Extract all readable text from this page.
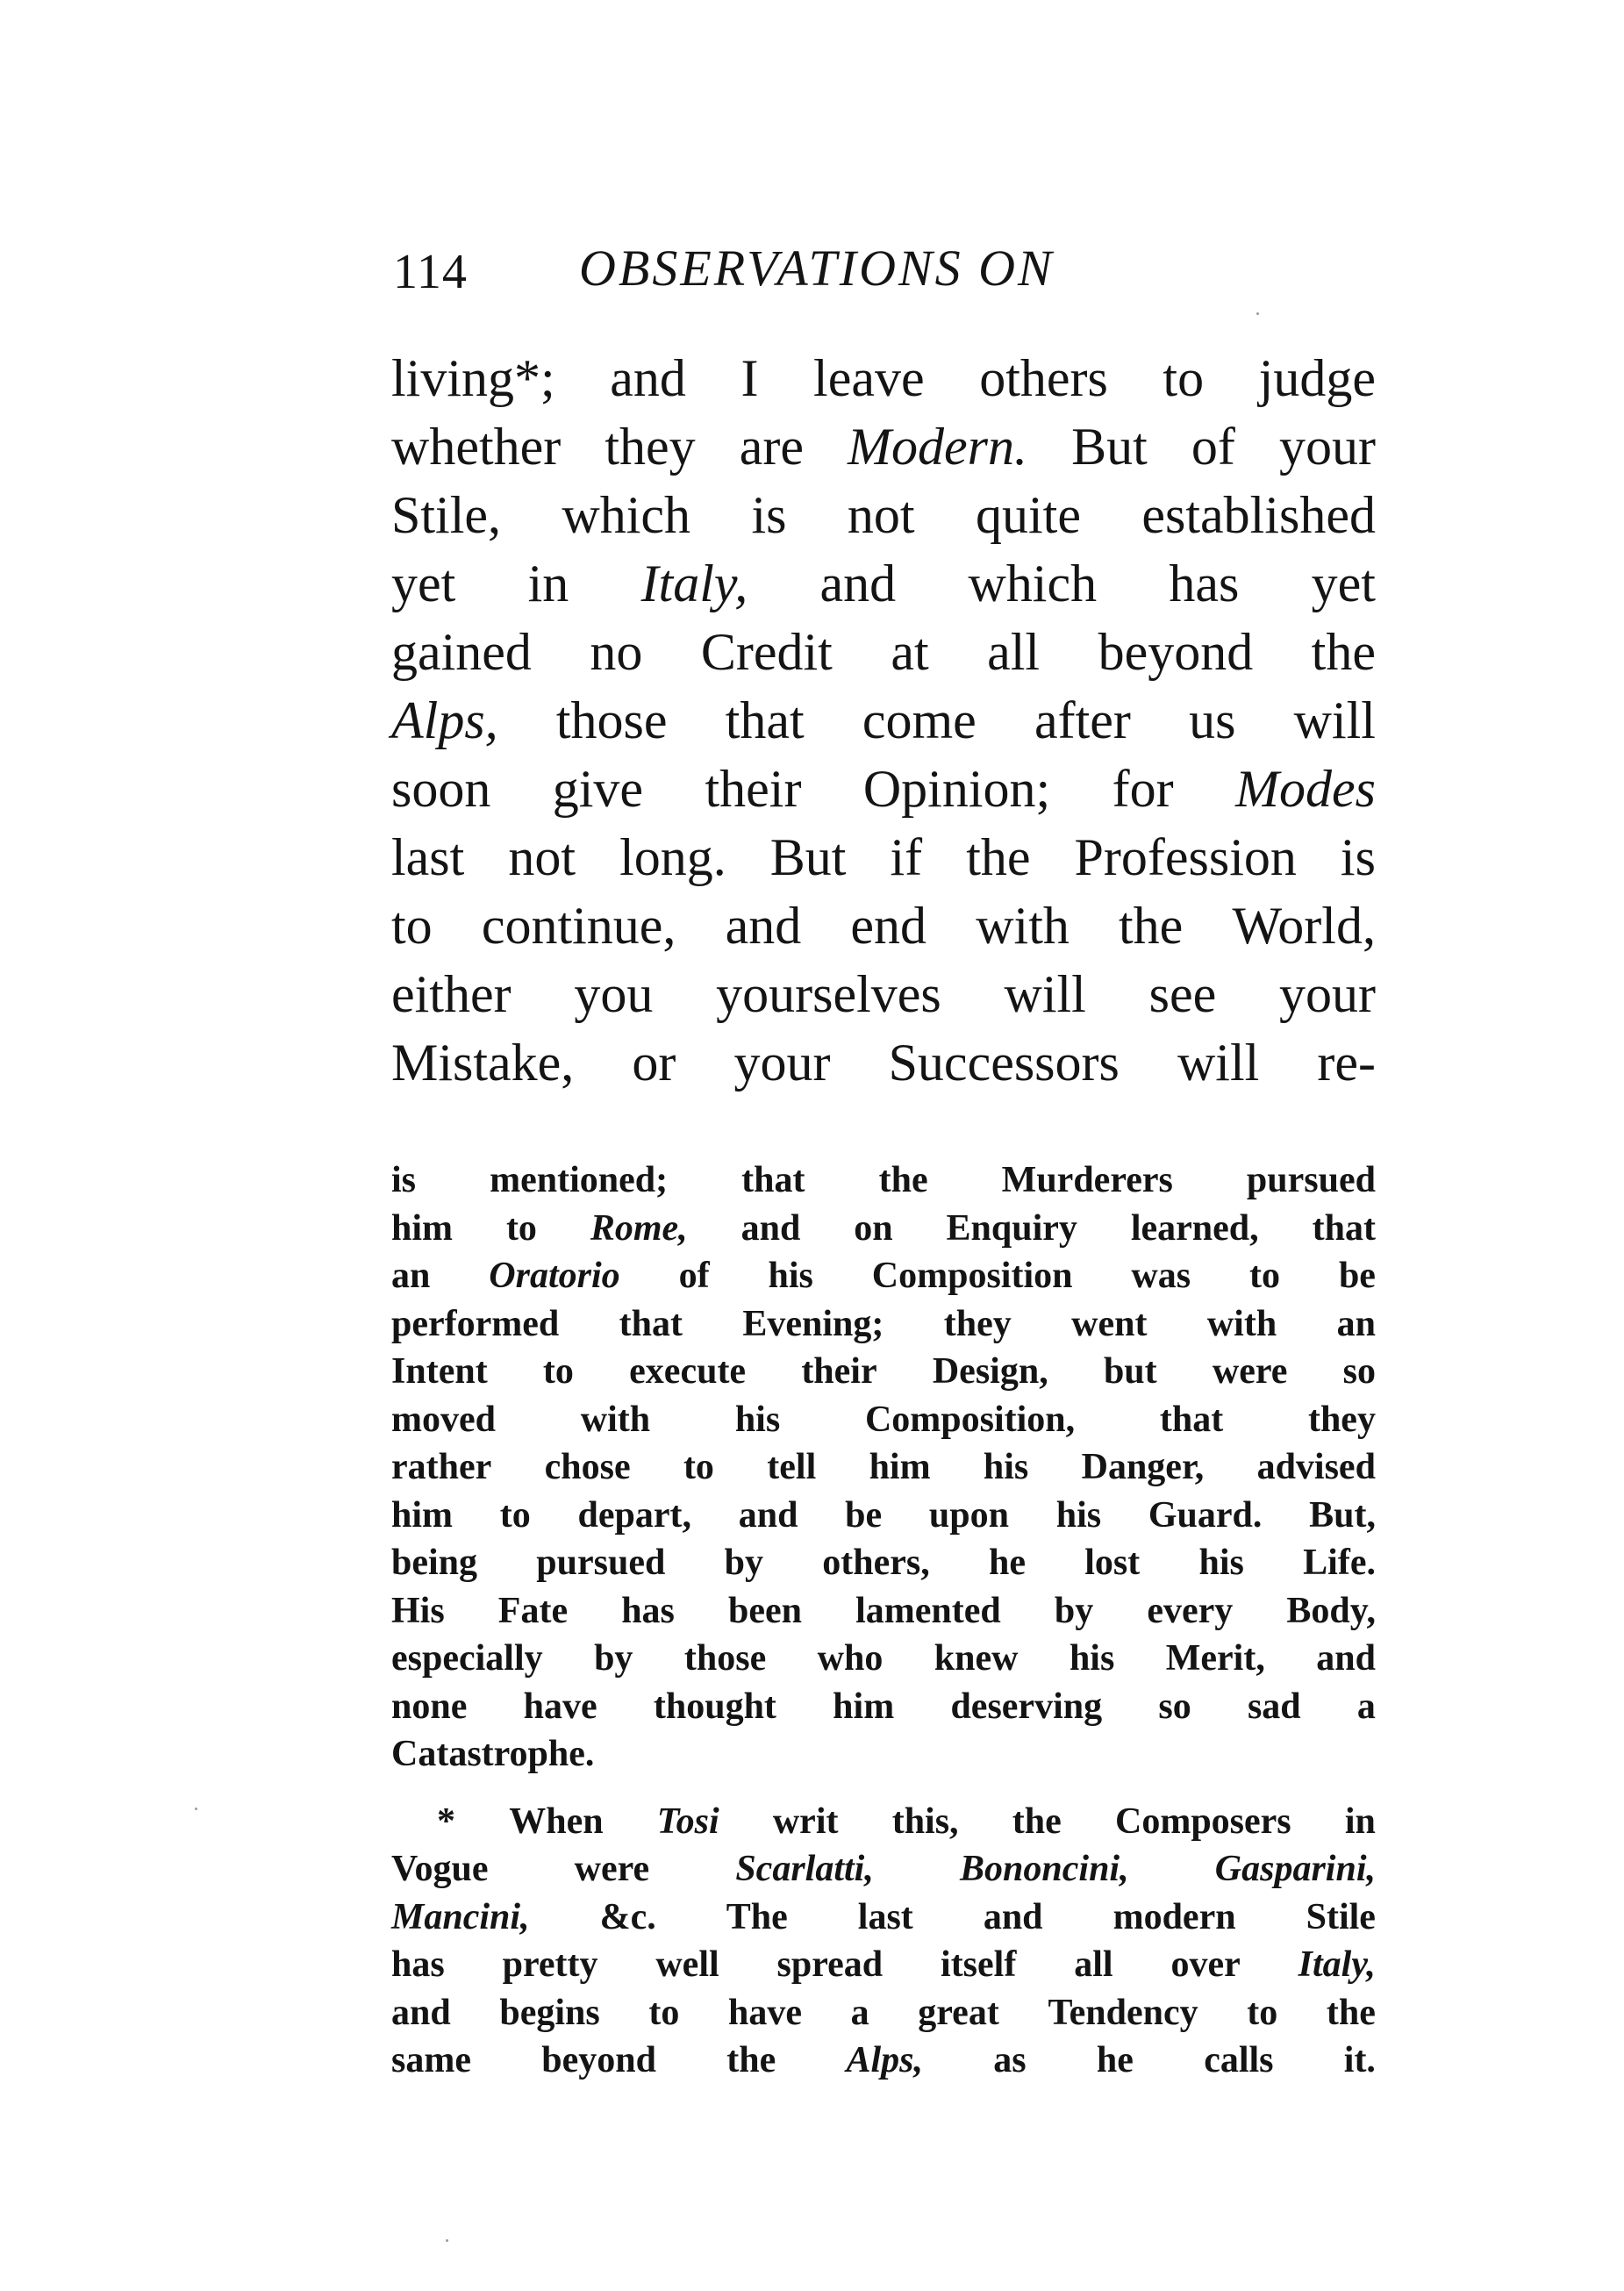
114 OBSERVATIONS ON
living*; and I leave others to judge
whether they are Modern. But of your
Stile, which is not quite established
yet in Italy, and which has yet
gained no Credit at all beyond the
Alps, those that come after us will
soon give their Opinion; for Modes
last not long. But if the Profession is
to continue, and end with the World,
either you yourselves will see your
Mistake, or your Successors will re-
is mentioned; that the Murderers pursued
him to Rome, and on Enquiry learned, that
an Oratorio of his Composition was to be
performed that Evening; they went with an
Intent to execute their Design, but were so
moved with his Composition, that they
rather chose to tell him his Danger, advised
him to depart, and be upon his Guard. But,
being pursued by others, he lost his Life.
His Fate has been lamented by every Body,
especially by those who knew his Merit, and
none have thought him deserving so sad a
Catastrophe.
* When Tosi writ this, the Composers in
Vogue were Scarlatti, Bononcini, Gasparini,
Mancini, &c. The last and modern Stile
has pretty well spread itself all over Italy,
and begins to have a great Tendency to the
same beyond the Alps, as he calls it.
